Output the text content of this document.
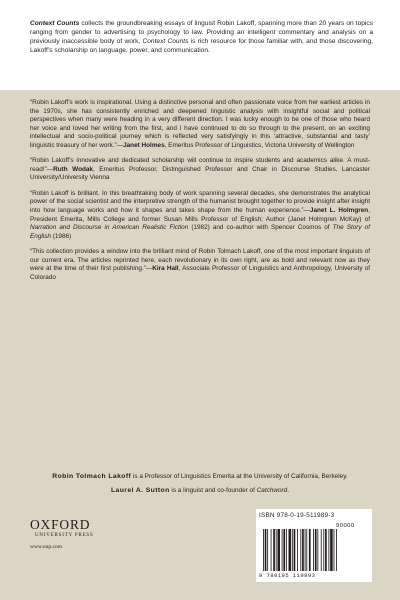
Context Counts collects the groundbreaking essays of linguist Robin Lakoff, spanning more than 20 years on topics ranging from gender to advertising to psychology to law. Providing an intelligent commentary and analysis on a previously inaccessible body of work, Context Counts is rich resource for those familiar with, and those discovering, Lakoff’s scholarship on language, power, and communication.

“Robin Lakoff’s work is inspirational. Using a distinctive personal and often passionate voice from her earliest articles in the 1970s, she has consistently enriched and deepened linguistic analysis with insightful social and political perspectives when many were heading in a very different direction. I was lucky enough to be one of those who heard her voice and loved her writing from the first, and I have continued to do so through to the present, on an exciting intellectual and socio-political journey which is reflected very satisfyingly in this ‘attractive, substantial and tasty’ linguistic treasury of her work.”—Janet Holmes, Emeritus Professor of Linguistics, Victoria University of Wellington

“Robin Lakoff’s innovative and dedicated scholarship will continue to inspire students and academics alike. A must-read!”—Ruth Wodak, Emeritus Professor, Distinguished Professor and Chair in Discourse Studies, Lancaster University/University Vienna

“Robin Lakoff is brilliant. In this breathtaking body of work spanning several decades, she demonstrates the analytical power of the social scientist and the interpretive strength of the humanist brought together to provide insight after insight into how language works and how it shapes and takes shape from the human experience.”—Janet L. Holmgren, President Emerita, Mills College and former Susan Mills Professor of English; Author (Janet Holmgren McKay) of Narration and Discourse in American Realistic Fiction (1982) and co-author with Spencer Cosmos of The Story of English (1986)

“This collection provides a window into the brilliant mind of Robin Tolmach Lakoff, one of the most important linguists of our current era. The articles reprinted here, each revolutionary in its own right, are as bold and relevant now as they were at the time of their first publishing.”—Kira Hall, Associate Professor of Linguistics and Anthropology, University of Colorado

Robin Tolmach Lakoff is a Professor of Linguistics Emerita at the University of California, Berkeley.

Laurel A. Sutton is a linguist and co-founder of Catchword.

OXFORD
UNIVERSITY PRESS
www.oup.com
ISBN 978-0-19-511989-3
90000
9 780195 119893
